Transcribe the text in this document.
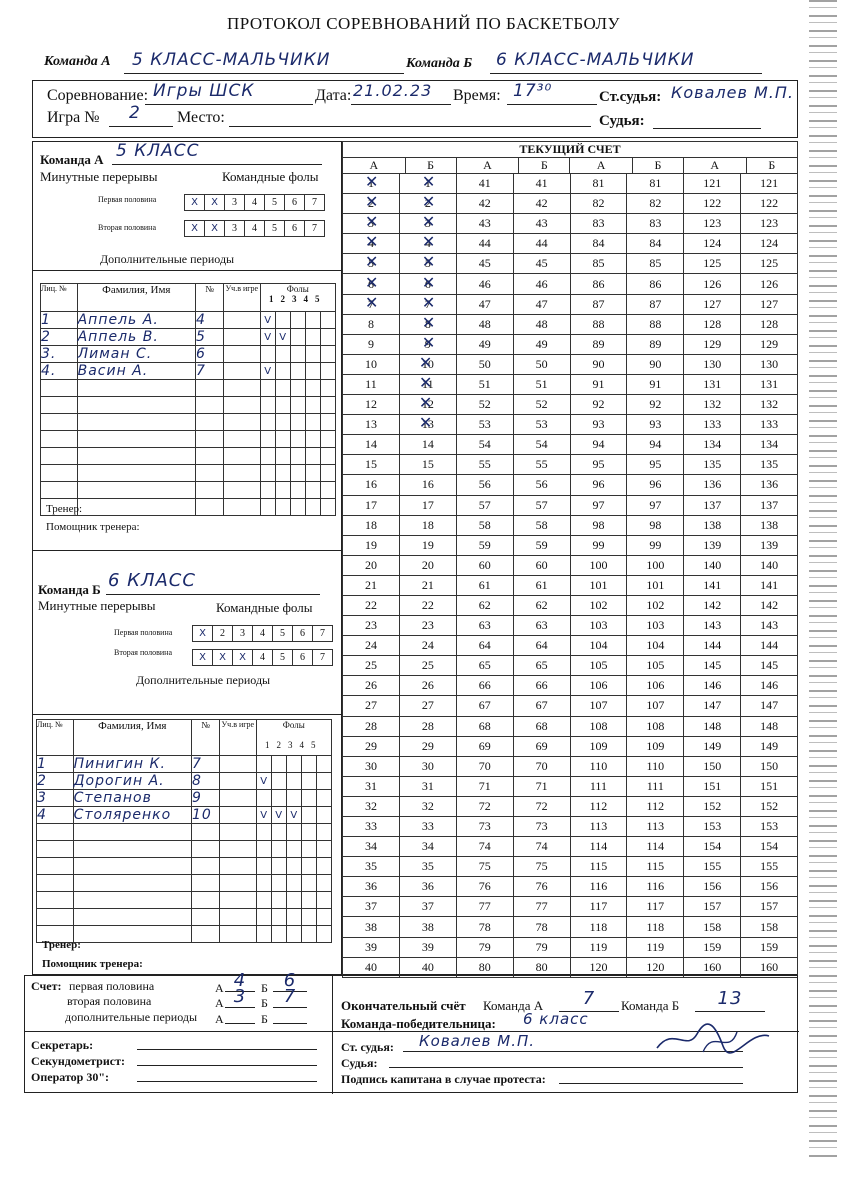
ПРОТОКОЛ СОРЕВНОВАНИЙ ПО БАСКЕТБОЛУ
Команда А 5 КЛАСС-МАЛЬЧИКИ	Команда Б 6 КЛАСС-МАЛЬЧИКИ
Соревнование: Игры ШСК	Дата: 21.02.23 Время: 17³⁰	Ст.судья: Ковалев М.П.
Игра № 2 Место:	Судья:
Команда А 5 КЛАСС
Минутные перерывы	Командные фолы
Первая половина	X	X	3	4	5	6	7
Вторая половина	X	X	3	4	5	6	7
Дополнительные периоды
Лиц. №	Фамилия, Имя	№	Уч.в игре	Фолы
12345				
1	Аппель А.	4		V				
2	Аппель В.	5		V	V			
3.	Лиман С.	6						
4.	Васин А.	7		V				

Тренер:
Помощник тренера:
Команда Б 6 КЛАСС
Минутные перерывы	Командные фолы
Первая половина	X	2	3	4	5	6	7
Вторая половина	X	X	X	4	5	6	7
Дополнительные периоды
Лиц. №	Фамилия, Имя	№	Уч.в игре	Фолы

12345				
1	Пинигин К.	7						
2	Дорогин А.	8		V				
3	Степанов	9						
4	Столяренко	10		V	V	V		

Тренер:
Помощник тренера:
ТЕКУЩИЙ СЧЕТ
А	Б	А	Б	А	Б	А	Б
1 ✕	1 ✕	41	41	81	81	121	121
2 ✕	2 ✕	42	42	82	82	122	122
3 ✕	3 ✕	43	43	83	83	123	123
4 ✕	4 ✕	44	44	84	84	124	124
5 ✕	5 ✕	45	45	85	85	125	125
6 ✕	6 ✕	46	46	86	86	126	126
7 ✕	7 ✕	47	47	87	87	127	127
8	8 ✕	48	48	88	88	128	128
9	9 ✕	49	49	89	89	129	129
10	10 ✕	50	50	90	90	130	130
11	11 ✕	51	51	91	91	131	131
12	12 ✕	52	52	92	92	132	132
13	13 ✕	53	53	93	93	133	133
14	14	54	54	94	94	134	134
15	15	55	55	95	95	135	135
16	16	56	56	96	96	136	136
17	17	57	57	97	97	137	137
18	18	58	58	98	98	138	138
19	19	59	59	99	99	139	139
20	20	60	60	100	100	140	140
21	21	61	61	101	101	141	141
22	22	62	62	102	102	142	142
23	23	63	63	103	103	143	143
24	24	64	64	104	104	144	144
25	25	65	65	105	105	145	145
26	26	66	66	106	106	146	146
27	27	67	67	107	107	147	147
28	28	68	68	108	108	148	148
29	29	69	69	109	109	149	149
30	30	70	70	110	110	150	150
31	31	71	71	111	111	151	151
32	32	72	72	112	112	152	152
33	33	73	73	113	113	153	153
34	34	74	74	114	114	154	154
35	35	75	75	115	115	155	155
36	36	76	76	116	116	156	156
37	37	77	77	117	117	157	157
38	38	78	78	118	118	158	158
39	39	79	79	119	119	159	159
40	40	80	80	120	120	160	160
Счет: первая половина
вторая половина
дополнительные периоды
А 4	Б 6
А 3	Б 7
А	Б
Секретарь:
Секундометрист:
Оператор 30":
Окончательный счёт Команда А	7	Команда Б	13
Команда-победительница: 6 класс
Ст. судья: Ковалев М.П.
Судья:
Подпись капитана в случае протеста:
